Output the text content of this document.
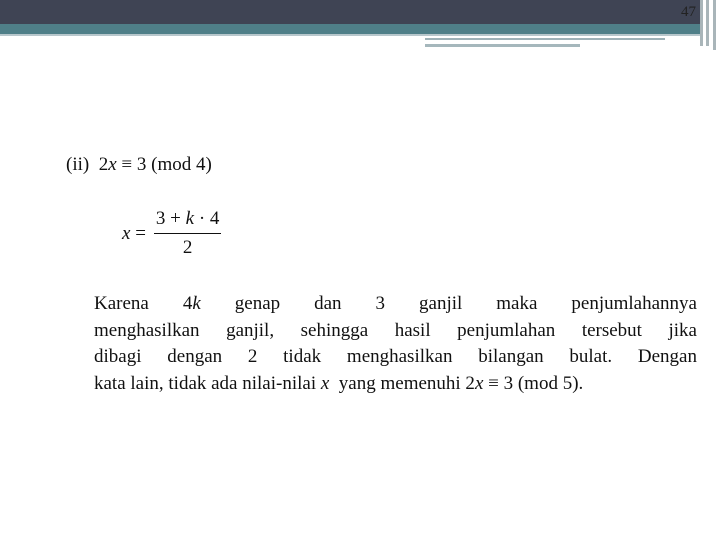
47
(ii) 2x ≡ 3 (mod 4)
$x = \frac{3 + k \cdot 4}{2}$
Karena 4k genap dan 3 ganjil maka penjumlahannya
menghasilkan ganjil, sehingga hasil penjumlahan tersebut jika
dibagi dengan 2 tidak menghasilkan bilangan bulat. Dengan
kata lain, tidak ada nilai-nilai x  yang memenuhi 2x ≡ 3 (mod 5).
